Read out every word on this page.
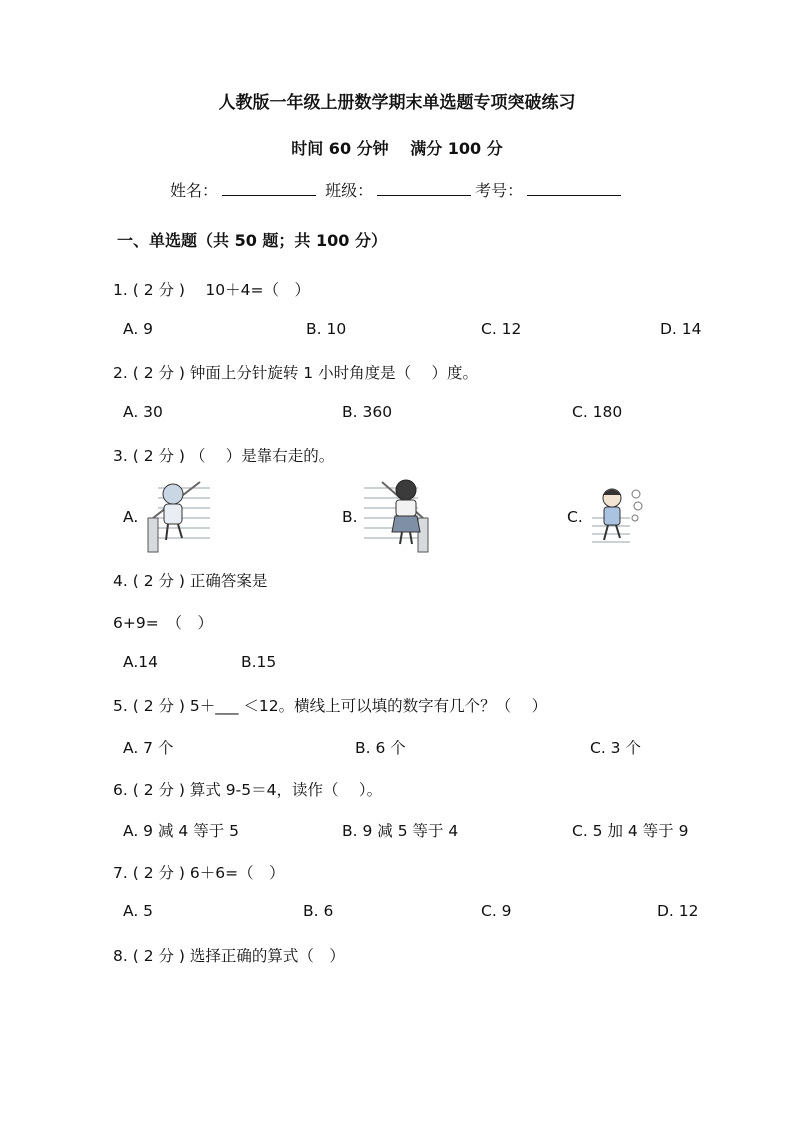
人教版一年级上册数学期末单选题专项突破练习
时间 60 分钟　 满分 100 分
姓名：	班级：	考号：
一、单选题（共 50 题；共 100 分）
1. ( 2 分 )　 10＋4=（　）
A. 9	B. 10	C. 12	D. 14
2. ( 2 分 ) 钟面上分针旋转 1 小时角度是（　 ）度。
A. 30	B. 360	C. 180
3. ( 2 分 ) （　 ）是靠右走的。
A.	B.	C.
4. ( 2 分 ) 正确答案是
6+9=　（　）
A.14	B.15
5. ( 2 分 ) 5＋___ ＜12。横线上可以填的数字有几个？（　 ）
A. 7 个	B. 6 个	C. 3 个
6. ( 2 分 ) 算式 9-5＝4，读作（　 ）。
A. 9 减 4 等于 5	B. 9 减 5 等于 4	C. 5 加 4 等于 9
7. ( 2 分 ) 6＋6=（　）
A. 5	B. 6	C. 9	D. 12
8. ( 2 分 ) 选择正确的算式（　）
